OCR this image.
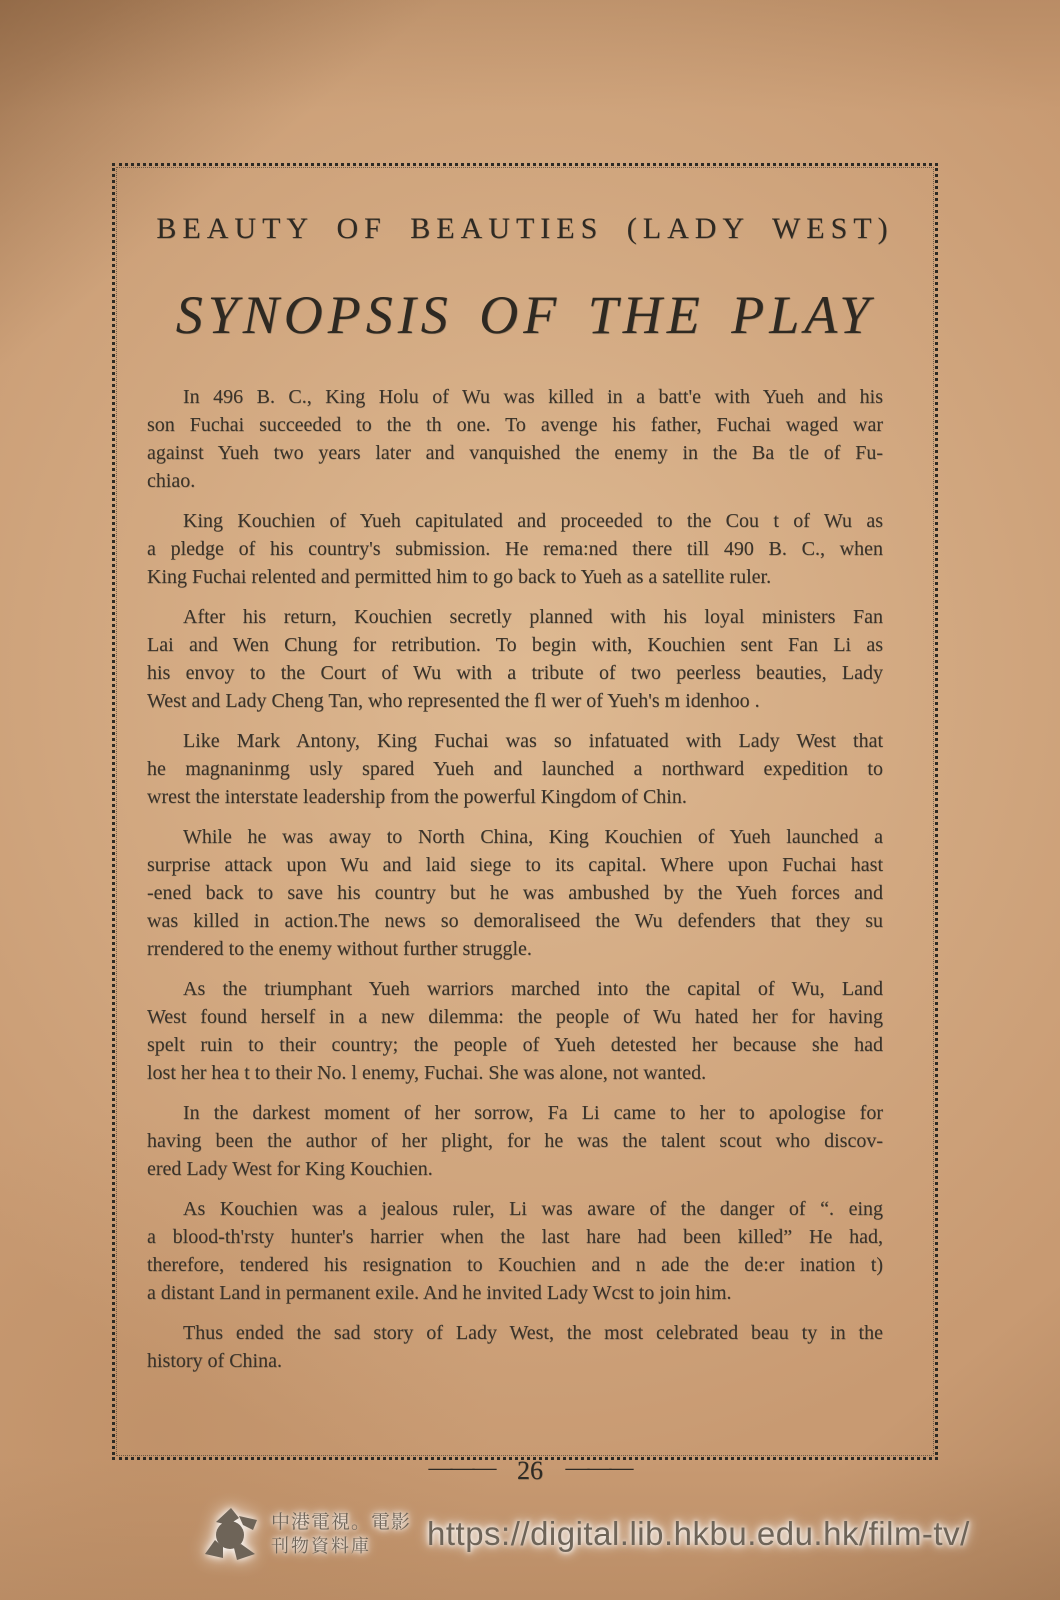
BEAUTY OF BEAUTIES (LADY WEST)
SYNOPSIS OF THE PLAY
In 496 B. C., King Holu of Wu was killed in a batt'e with Yueh and his
son Fuchai succeeded to the th one. To avenge his father, Fuchai waged war
against Yueh two years later and vanquished the enemy in the Ba tle of Fu-
chiao.
King Kouchien of Yueh capitulated and proceeded to the Cou t of Wu as
a pledge of his country's submission. He rema:ned there till 490 B. C., when
King Fuchai relented and permitted him to go back to Yueh as a satellite ruler.
After his return, Kouchien secretly planned with his loyal ministers Fan
Lai and Wen Chung for retribution. To begin with, Kouchien sent Fan Li as
his envoy to the Court of Wu with a tribute of two peerless beauties, Lady
West and Lady Cheng Tan, who represented the fl wer of Yueh's m idenhoo .
Like Mark Antony, King Fuchai was so infatuated with Lady West that
he magnaninmg usly spared Yueh and launched a northward expedition to
wrest the interstate leadership from the powerful Kingdom of Chin.
While he was away to North China, King Kouchien of Yueh launched a
surprise attack upon Wu and laid siege to its capital. Where upon Fuchai hast
-ened back to save his country but he was ambushed by the Yueh forces and
was killed in action.The news so demoraliseed the Wu defenders that they su
rrendered to the enemy without further struggle.
As the triumphant Yueh warriors marched into the capital of Wu, Land
West found herself in a new dilemma: the people of Wu hated her for having
spelt ruin to their country; the people of Yueh detested her because she had
lost her hea t to their No. l enemy, Fuchai. She was alone, not wanted.
In the darkest moment of her sorrow, Fa Li came to her to apologise for
having been the author of her plight, for he was the talent scout who discov-
ered Lady West for King Kouchien.
As Kouchien was a jealous ruler, Li was aware of the danger of “. eing
a blood-th'rsty hunter's harrier when the last hare had been killed” He had,
therefore, tendered his resignation to Kouchien and n ade the de:er ination t)
a distant Land in permanent exile. And he invited Lady Wcst to join him.
Thus ended the sad story of Lady West, the most celebrated beau ty in the
history of China.
——— 26 ———
中港電視。電影
刊物資料庫	https://digital.lib.hkbu.edu.hk/film-tv/
